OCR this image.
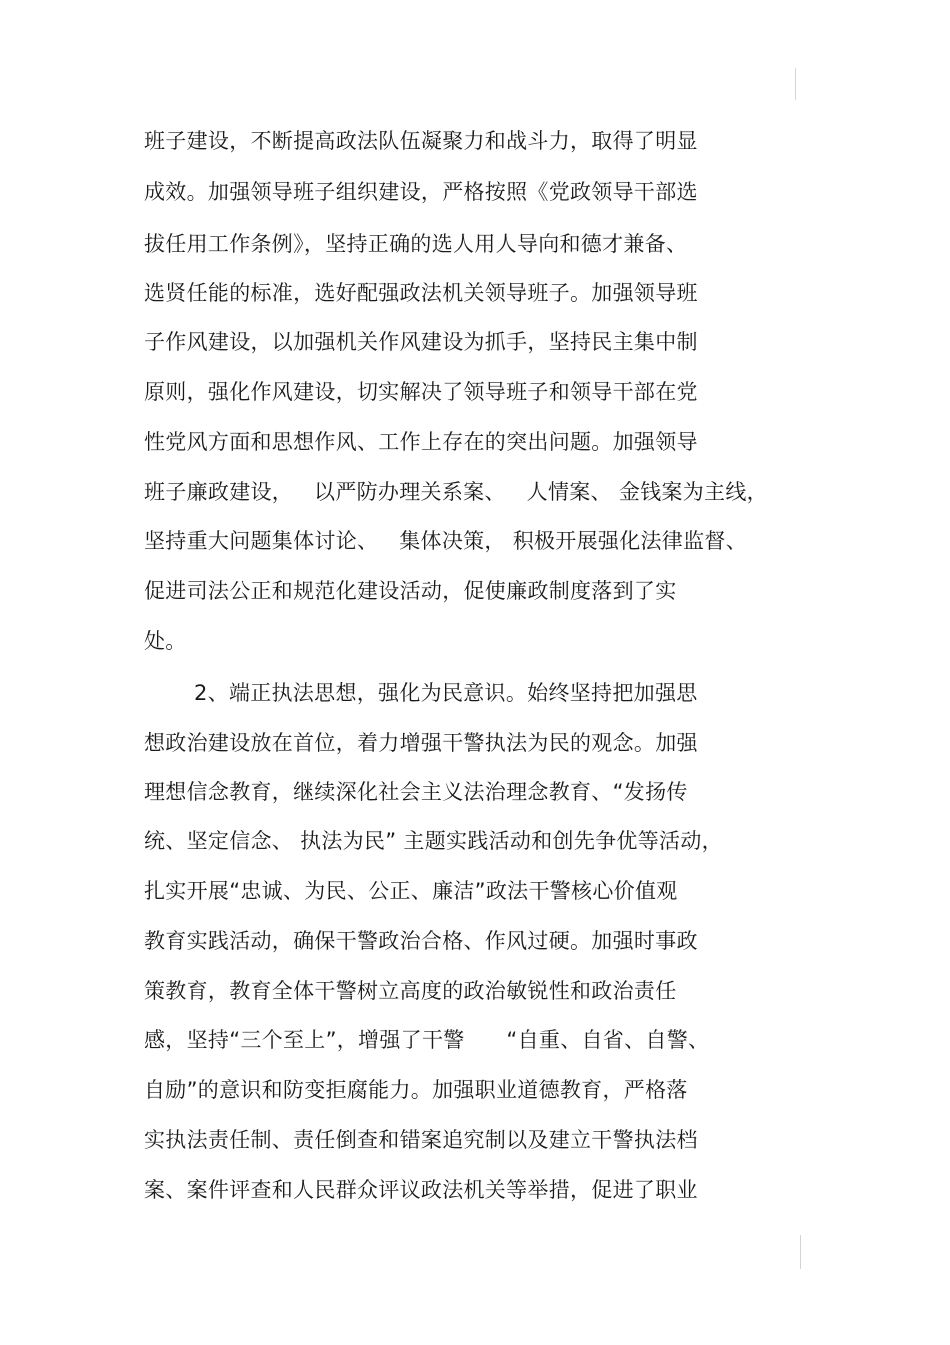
班子建设，不断提高政法队伍凝聚力和战斗力，取得了明显
成效。加强领导班子组织建设，严格按照《党政领导干部选
拔任用工作条例》，坚持正确的选人用人导向和德才兼备、
选贤任能的标准，选好配强政法机关领导班子。加强领导班
子作风建设，以加强机关作风建设为抓手，坚持民主集中制
原则，强化作风建设，切实解决了领导班子和领导干部在党
性党风方面和思想作风、工作上存在的突出问题。加强领导
班子廉政建设，   以严防办理关系案、   人情案、 金钱案为主线，
坚持重大问题集体讨论、   集体决策， 积极开展强化法律监督、
促进司法公正和规范化建设活动，促使廉政制度落到了实
处。
2、端正执法思想，强化为民意识。始终坚持把加强思
想政治建设放在首位，着力增强干警执法为民的观念。加强
理想信念教育，继续深化社会主义法治理念教育、“发扬传
统、坚定信念、 执法为民” 主题实践活动和创先争优等活动，
扎实开展“忠诚、为民、公正、廉洁”政法干警核心价值观
教育实践活动，确保干警政治合格、作风过硬。加强时事政
策教育，教育全体干警树立高度的政治敏锐性和政治责任
感，坚持“三个至上”，增强了干警      “自重、自省、自警、
自励”的意识和防变拒腐能力。加强职业道德教育，严格落
实执法责任制、责任倒查和错案追究制以及建立干警执法档
案、案件评查和人民群众评议政法机关等举措，促进了职业
